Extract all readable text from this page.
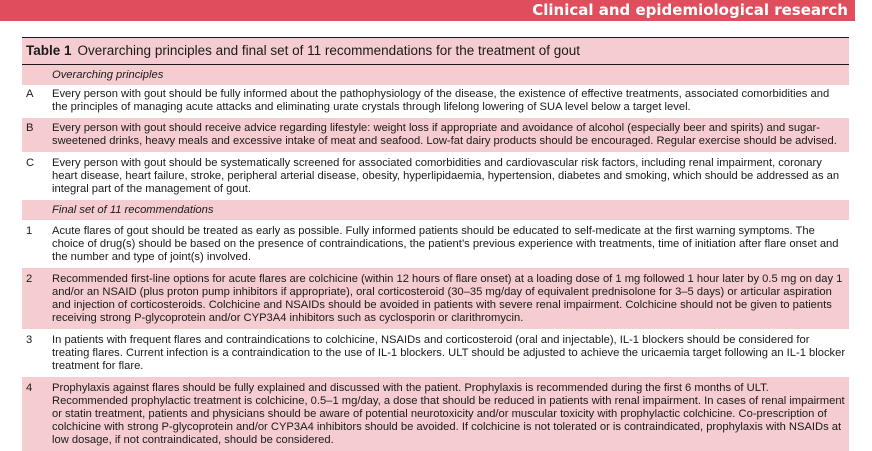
Clinical and epidemiological research
Table 1 Overarching principles and final set of 11 recommendations for the treatment of gout
Overarching principles
A	Every person with gout should be fully informed about the pathophysiology of the disease, the existence of effective treatments, associated comorbidities and the principles of managing acute attacks and eliminating urate crystals through lifelong lowering of SUA level below a target level.
B	Every person with gout should receive advice regarding lifestyle: weight loss if appropriate and avoidance of alcohol (especially beer and spirits) and sugar-sweetened drinks, heavy meals and excessive intake of meat and seafood. Low-fat dairy products should be encouraged. Regular exercise should be advised.
C	Every person with gout should be systematically screened for associated comorbidities and cardiovascular risk factors, including renal impairment, coronary heart disease, heart failure, stroke, peripheral arterial disease, obesity, hyperlipidaemia, hypertension, diabetes and smoking, which should be addressed as an integral part of the management of gout.
Final set of 11 recommendations
1	Acute flares of gout should be treated as early as possible. Fully informed patients should be educated to self-medicate at the first warning symptoms. The choice of drug(s) should be based on the presence of contraindications, the patient’s previous experience with treatments, time of initiation after flare onset and the number and type of joint(s) involved.
2	Recommended first-line options for acute flares are colchicine (within 12 hours of flare onset) at a loading dose of 1 mg followed 1 hour later by 0.5 mg on day 1 and/or an NSAID (plus proton pump inhibitors if appropriate), oral corticosteroid (30–35 mg/day of equivalent prednisolone for 3–5 days) or articular aspiration and injection of corticosteroids. Colchicine and NSAIDs should be avoided in patients with severe renal impairment. Colchicine should not be given to patients receiving strong P-glycoprotein and/or CYP3A4 inhibitors such as cyclosporin or clarithromycin.
3	In patients with frequent flares and contraindications to colchicine, NSAIDs and corticosteroid (oral and injectable), IL-1 blockers should be considered for treating flares. Current infection is a contraindication to the use of IL-1 blockers. ULT should be adjusted to achieve the uricaemia target following an IL-1 blocker treatment for flare.
4	Prophylaxis against flares should be fully explained and discussed with the patient. Prophylaxis is recommended during the first 6 months of ULT. Recommended prophylactic treatment is colchicine, 0.5–1 mg/day, a dose that should be reduced in patients with renal impairment. In cases of renal impairment or statin treatment, patients and physicians should be aware of potential neurotoxicity and/or muscular toxicity with prophylactic colchicine. Co-prescription of colchicine with strong P-glycoprotein and/or CYP3A4 inhibitors should be avoided. If colchicine is not tolerated or is contraindicated, prophylaxis with NSAIDs at low dosage, if not contraindicated, should be considered.
